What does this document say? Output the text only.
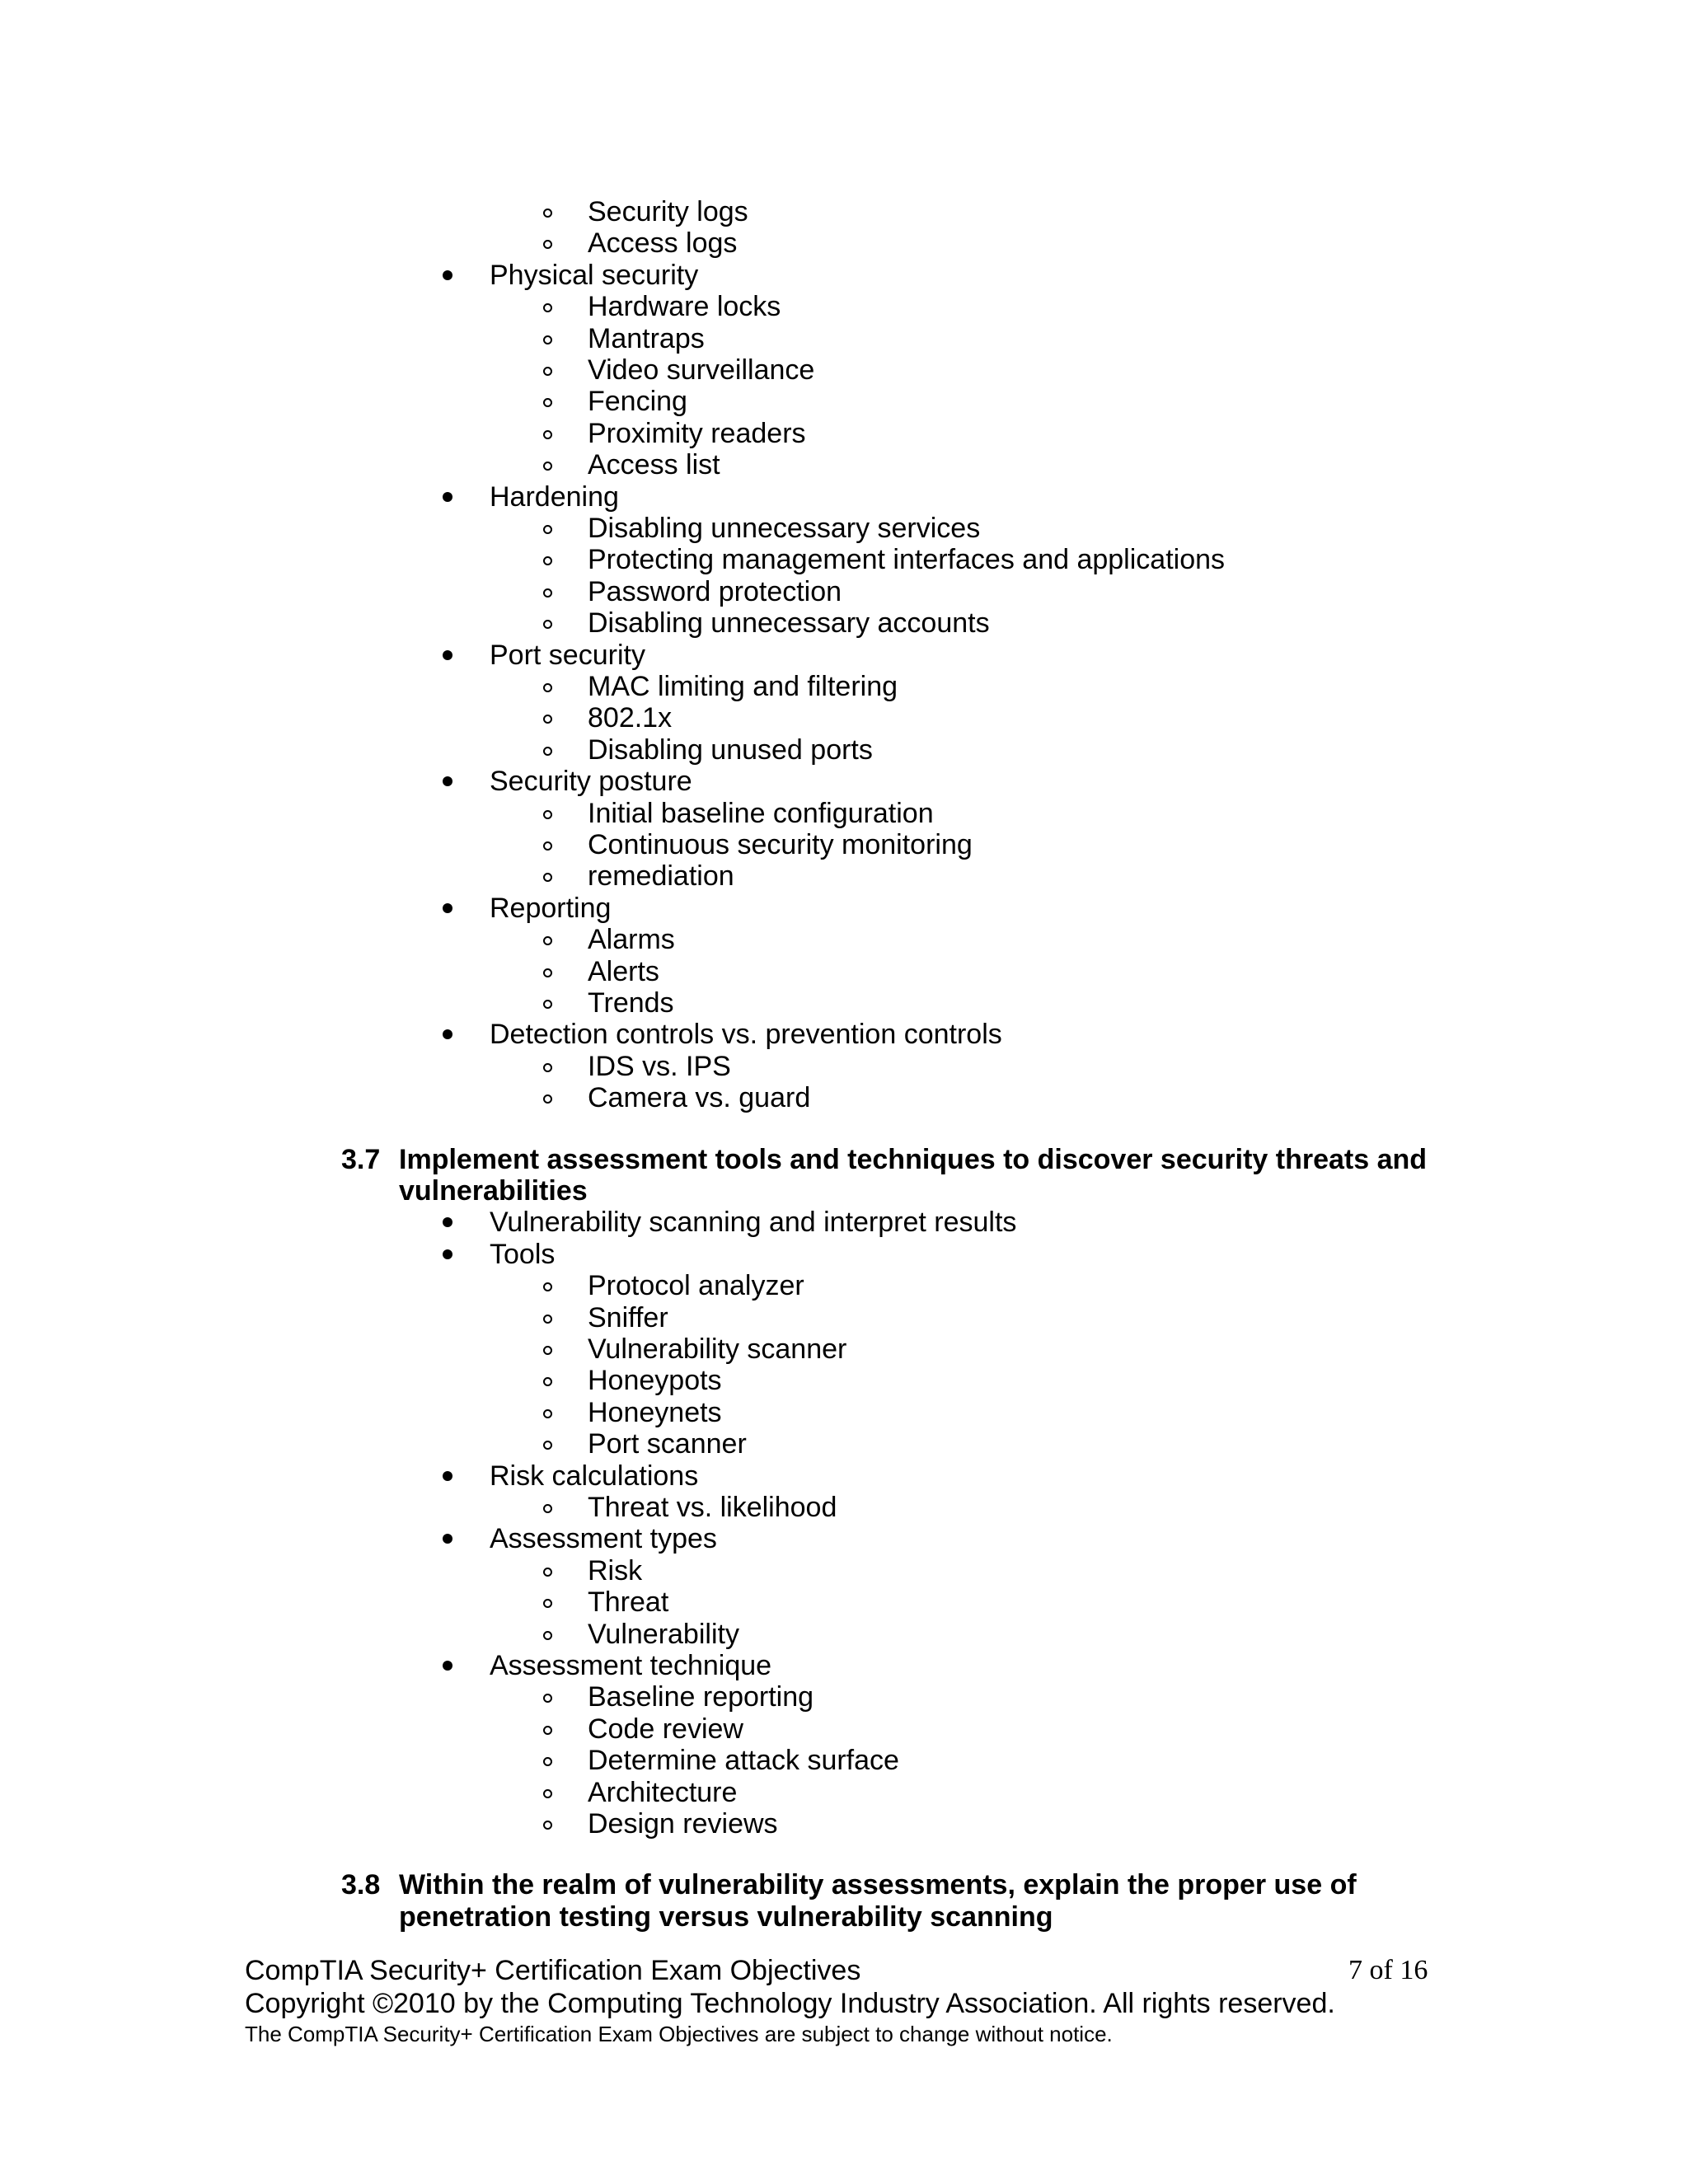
Security logs
Access logs
Physical security
Hardware locks
Mantraps
Video surveillance
Fencing
Proximity readers
Access list
Hardening
Disabling unnecessary services
Protecting management interfaces and applications
Password protection
Disabling unnecessary accounts
Port security
MAC limiting and filtering
802.1x
Disabling unused ports
Security posture
Initial baseline configuration
Continuous security monitoring
remediation
Reporting
Alarms
Alerts
Trends
Detection controls vs. prevention controls
IDS vs. IPS
Camera vs. guard
3.7 Implement assessment tools and techniques to discover security threats and
vulnerabilities
Vulnerability scanning and interpret results
Tools
Protocol analyzer
Sniffer
Vulnerability scanner
Honeypots
Honeynets
Port scanner
Risk calculations
Threat vs. likelihood
Assessment types
Risk
Threat
Vulnerability
Assessment technique
Baseline reporting
Code review
Determine attack surface
Architecture
Design reviews
3.8 Within the realm of vulnerability assessments, explain the proper use of
penetration testing versus vulnerability scanning
CompTIA Security+ Certification Exam Objectives	7 of 16
Copyright ©2010 by the Computing Technology Industry Association. All rights reserved.
The CompTIA Security+ Certification Exam Objectives are subject to change without notice.
